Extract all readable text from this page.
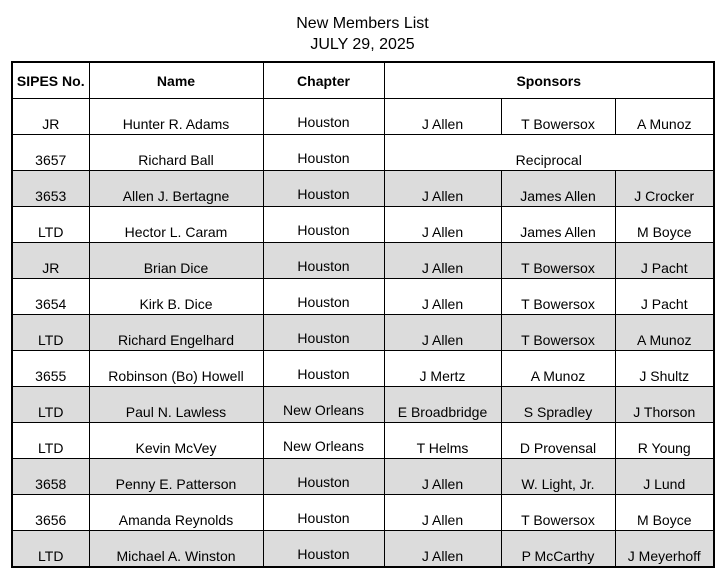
New Members List
JULY 29, 2025
SIPES No.	Name	Chapter	Sponsors		
JR	Hunter R. Adams	Houston	J Allen	T Bowersox	A Munoz
3657	Richard Ball	Houston	Reciprocal		
3653	Allen J. Bertagne	Houston	J Allen	James Allen	J Crocker
LTD	Hector L. Caram	Houston	J Allen	James Allen	M Boyce
JR	Brian Dice	Houston	J Allen	T Bowersox	J Pacht
3654	Kirk B. Dice	Houston	J Allen	T Bowersox	J Pacht
LTD	Richard Engelhard	Houston	J Allen	T Bowersox	A Munoz
3655	Robinson (Bo) Howell	Houston	J Mertz	A Munoz	J Shultz
LTD	Paul N. Lawless	New Orleans	E Broadbridge	S Spradley	J Thorson
LTD	Kevin McVey	New Orleans	T Helms	D Provensal	R Young
3658	Penny E. Patterson	Houston	J Allen	W. Light, Jr.	J Lund
3656	Amanda Reynolds	Houston	J Allen	T Bowersox	M Boyce
LTD	Michael A. Winston	Houston	J Allen	P McCarthy	J Meyerhoff
